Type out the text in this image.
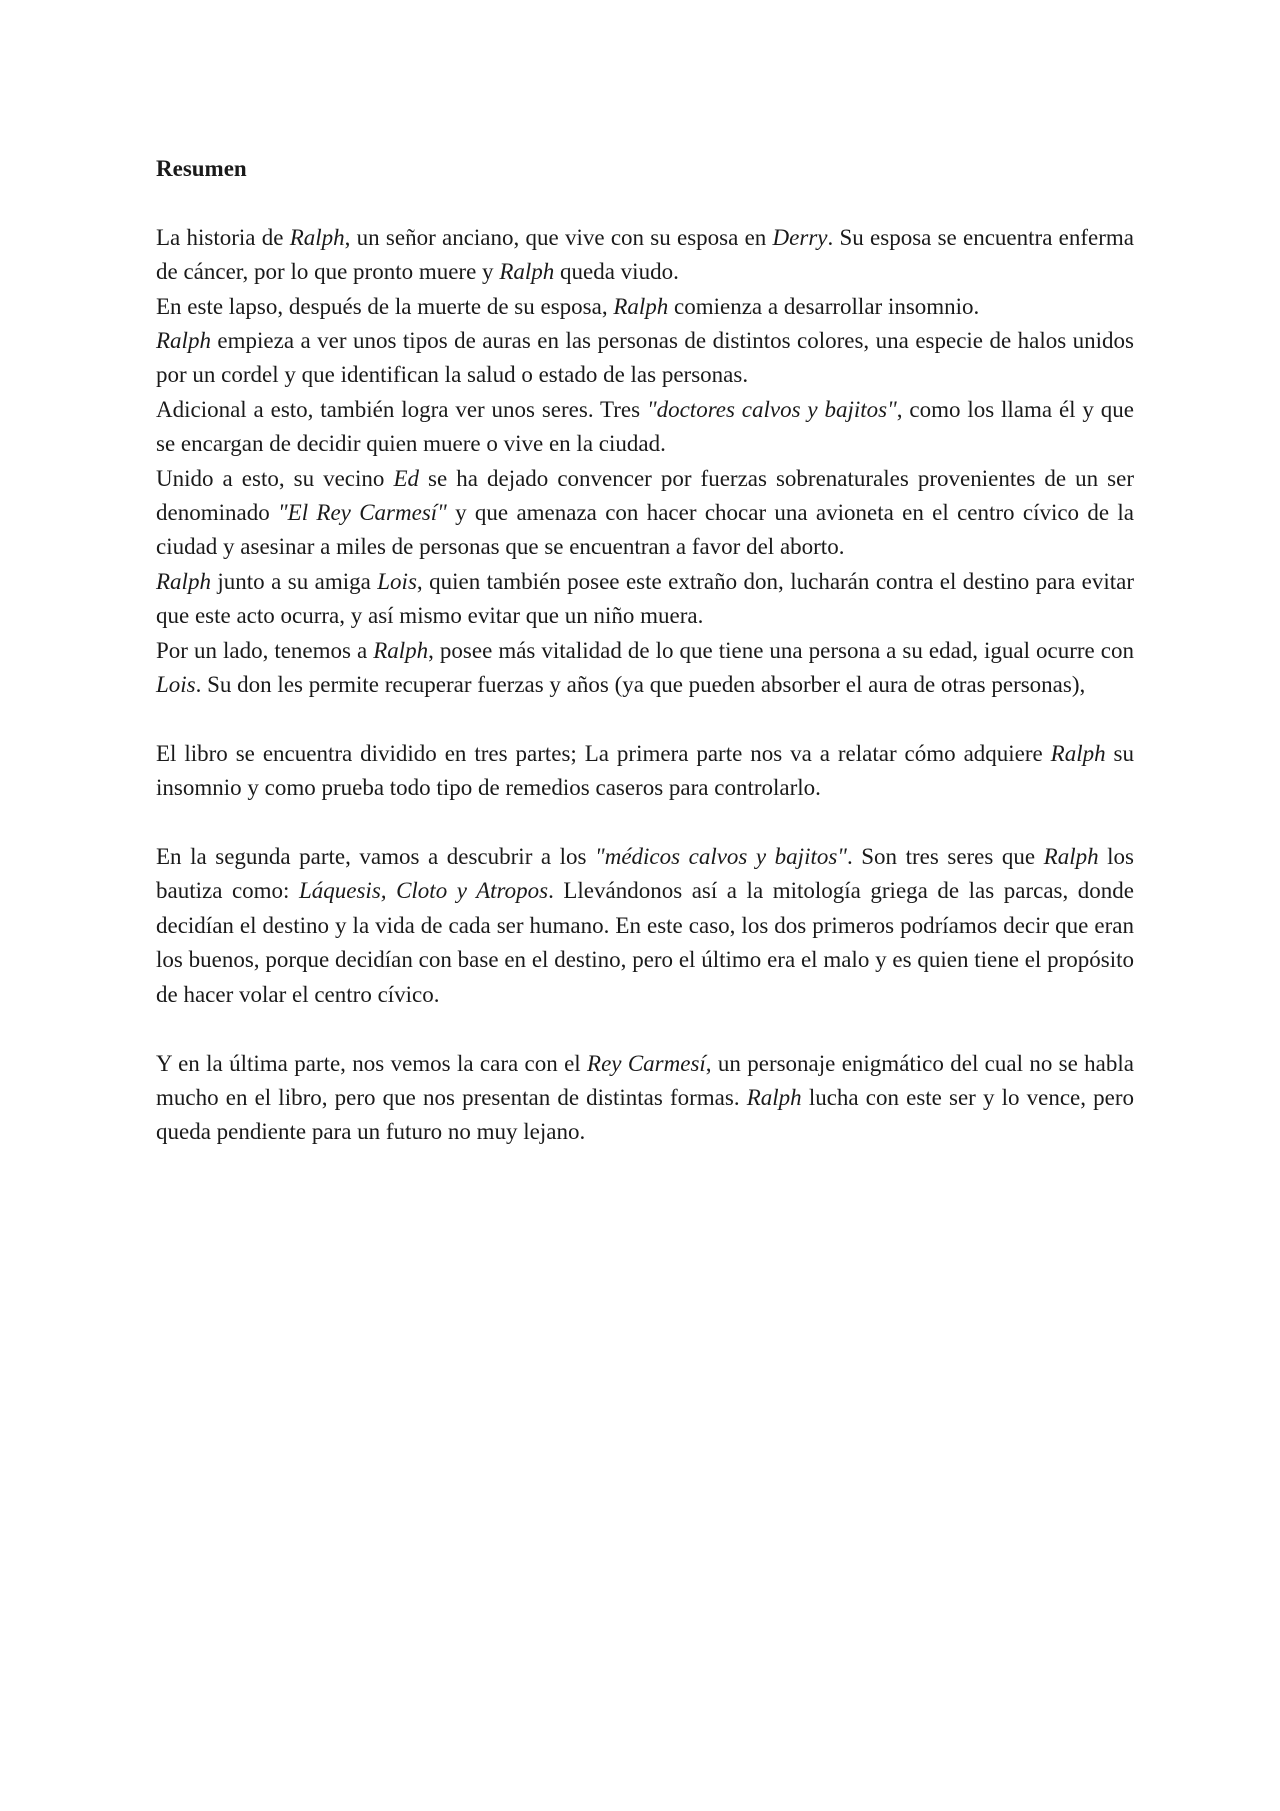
Resumen

La historia de Ralph, un señor anciano, que vive con su esposa en Derry. Su esposa se encuentra enferma de cáncer, por lo que pronto muere y Ralph queda viudo.

En este lapso, después de la muerte de su esposa, Ralph comienza a desarrollar insomnio.

Ralph empieza a ver unos tipos de auras en las personas de distintos colores, una especie de halos unidos por un cordel y que identifican la salud o estado de las personas.

Adicional a esto, también logra ver unos seres. Tres "doctores calvos y bajitos", como los llama él y que se encargan de decidir quien muere o vive en la ciudad.

Unido a esto, su vecino Ed se ha dejado convencer por fuerzas sobrenaturales provenientes de un ser denominado "El Rey Carmesí" y que amenaza con hacer chocar una avioneta en el centro cívico de la ciudad y asesinar a miles de personas que se encuentran a favor del aborto.

Ralph junto a su amiga Lois, quien también posee este extraño don, lucharán contra el destino para evitar que este acto ocurra, y así mismo evitar que un niño muera.

Por un lado, tenemos a Ralph, posee más vitalidad de lo que tiene una persona a su edad, igual ocurre con Lois. Su don les permite recuperar fuerzas y años (ya que pueden absorber el aura de otras personas),

El libro se encuentra dividido en tres partes; La primera parte nos va a relatar cómo adquiere Ralph su insomnio y como prueba todo tipo de remedios caseros para controlarlo.

En la segunda parte, vamos a descubrir a los "médicos calvos y bajitos". Son tres seres que Ralph los bautiza como: Láquesis, Cloto y Atropos. Llevándonos así a la mitología griega de las parcas, donde decidían el destino y la vida de cada ser humano. En este caso, los dos primeros podríamos decir que eran los buenos, porque decidían con base en el destino, pero el último era el malo y es quien tiene el propósito de hacer volar el centro cívico.

Y en la última parte, nos vemos la cara con el Rey Carmesí, un personaje enigmático del cual no se habla mucho en el libro, pero que nos presentan de distintas formas. Ralph lucha con este ser y lo vence, pero queda pendiente para un futuro no muy lejano.
